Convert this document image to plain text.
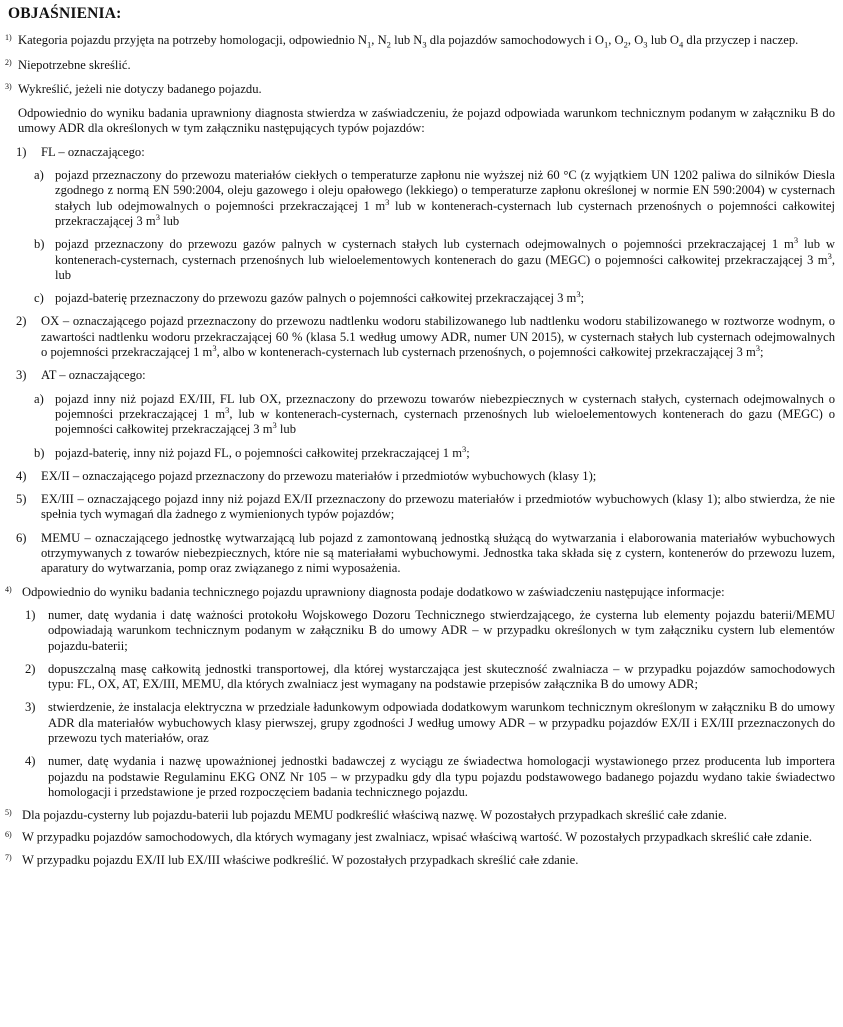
OBJAŚNIENIA:
1) Kategoria pojazdu przyjęta na potrzeby homologacji, odpowiednio $N_1$, $N_2$ lub $N_3$ dla pojazdów samochodowych i $O_1$, $O_2$, $O_3$ lub $O_4$ dla przyczep i naczep.
2) Niepotrzebne skreślić.
3) Wykreślić, jeżeli nie dotyczy badanego pojazdu.
Odpowiednio do wyniku badania uprawniony diagnosta stwierdza w zaświadczeniu, że pojazd odpowiada warunkom technicznym podanym w załączniku B do umowy ADR dla określonych w tym załączniku następujących typów pojazdów:
1) FL – oznaczającego:
a) pojazd przeznaczony do przewozu materiałów ciekłych o temperaturze zapłonu nie wyższej niż 60 °C (z wyjątkiem UN 1202 paliwa do silników Diesla zgodnego z normą EN 590:2004, oleju gazowego i oleju opałowego (lekkiego) o temperaturze zapłonu określonej w normie EN 590:2004) w cysternach stałych lub odejmowalnych o pojemności przekraczającej 1 $m^3$ lub w kontenerach-cysternach lub cysternach przenośnych o pojemności całkowitej przekraczającej 3 $m^3$ lub
b) pojazd przeznaczony do przewozu gazów palnych w cysternach stałych lub cysternach odejmowalnych o pojemności przekraczającej 1 $m^3$ lub w kontenerach-cysternach, cysternach przenośnych lub wieloelementowych kontenerach do gazu (MEGC) o pojemności całkowitej przekraczającej 3 $m^3$, lub
c) pojazd-baterię przeznaczony do przewozu gazów palnych o pojemności całkowitej przekraczającej 3 $m^3$;
2) OX – oznaczającego pojazd przeznaczony do przewozu nadtlenku wodoru stabilizowanego lub nadtlenku wodoru stabilizowanego w roztworze wodnym, o zawartości nadtlenku wodoru przekraczającej 60 % (klasa 5.1 według umowy ADR, numer UN 2015), w cysternach stałych lub cysternach odejmowalnych o pojemności przekraczającej 1 $m^3$, albo w kontenerach-cysternach lub cysternach przenośnych, o pojemności całkowitej przekraczającej 3 $m^3$;
3) AT – oznaczającego:
a) pojazd inny niż pojazd EX/III, FL lub OX, przeznaczony do przewozu towarów niebezpiecznych w cysternach stałych, cysternach odejmowalnych o pojemności przekraczającej 1 $m^3$, lub w kontenerach-cysternach, cysternach przenośnych lub wieloelementowych kontenerach do gazu (MEGC) o pojemności całkowitej przekraczającej 3 $m^3$ lub
b) pojazd-baterię, inny niż pojazd FL, o pojemności całkowitej przekraczającej 1 $m^3$;
4) EX/II – oznaczającego pojazd przeznaczony do przewozu materiałów i przedmiotów wybuchowych (klasy 1);
5) EX/III – oznaczającego pojazd inny niż pojazd EX/II przeznaczony do przewozu materiałów i przedmiotów wybuchowych (klasy 1); albo stwierdza, że nie spełnia tych wymagań dla żadnego z wymienionych typów pojazdów;
6) MEMU – oznaczającego jednostkę wytwarzającą lub pojazd z zamontowaną jednostką służącą do wytwarzania i elaborowania materiałów wybuchowych otrzymywanych z towarów niebezpiecznych, które nie są materiałami wybuchowymi. Jednostka taka składa się z cystern, kontenerów do przewozu luzem, aparatury do wytwarzania, pomp oraz związanego z nimi wyposażenia.
4) Odpowiednio do wyniku badania technicznego pojazdu uprawniony diagnosta podaje dodatkowo w zaświadczeniu następujące informacje:
1) numer, datę wydania i datę ważności protokołu Wojskowego Dozoru Technicznego stwierdzającego, że cysterna lub elementy pojazdu baterii/MEMU odpowiadają warunkom technicznym podanym w załączniku B do umowy ADR – w przypadku określonych w tym załączniku cystern lub elementów pojazdu-baterii;
2) dopuszczalną masę całkowitą jednostki transportowej, dla której wystarczająca jest skuteczność zwalniacza – w przypadku pojazdów samochodowych typu: FL, OX, AT, EX/III, MEMU, dla których zwalniacz jest wymagany na podstawie przepisów załącznika B do umowy ADR;
3) stwierdzenie, że instalacja elektryczna w przedziale ładunkowym odpowiada dodatkowym warunkom technicznym określonym w załączniku B do umowy ADR dla materiałów wybuchowych klasy pierwszej, grupy zgodności J według umowy ADR – w przypadku pojazdów EX/II i EX/III przeznaczonych do przewozu tych materiałów, oraz
4) numer, datę wydania i nazwę upoważnionej jednostki badawczej z wyciągu ze świadectwa homologacji wystawionego przez producenta lub importera pojazdu na podstawie Regulaminu EKG ONZ Nr 105 – w przypadku gdy dla typu pojazdu podstawowego badanego pojazdu wydano takie świadectwo homologacji i przedstawione je przed rozpoczęciem badania technicznego pojazdu.
5) Dla pojazdu-cysterny lub pojazdu-baterii lub pojazdu MEMU podkreślić właściwą nazwę. W pozostałych przypadkach skreślić całe zdanie.
6) W przypadku pojazdów samochodowych, dla których wymagany jest zwalniacz, wpisać właściwą wartość. W pozostałych przypadkach skreślić całe zdanie.
7) W przypadku pojazdu EX/II lub EX/III właściwe podkreślić. W pozostałych przypadkach skreślić całe zdanie.
